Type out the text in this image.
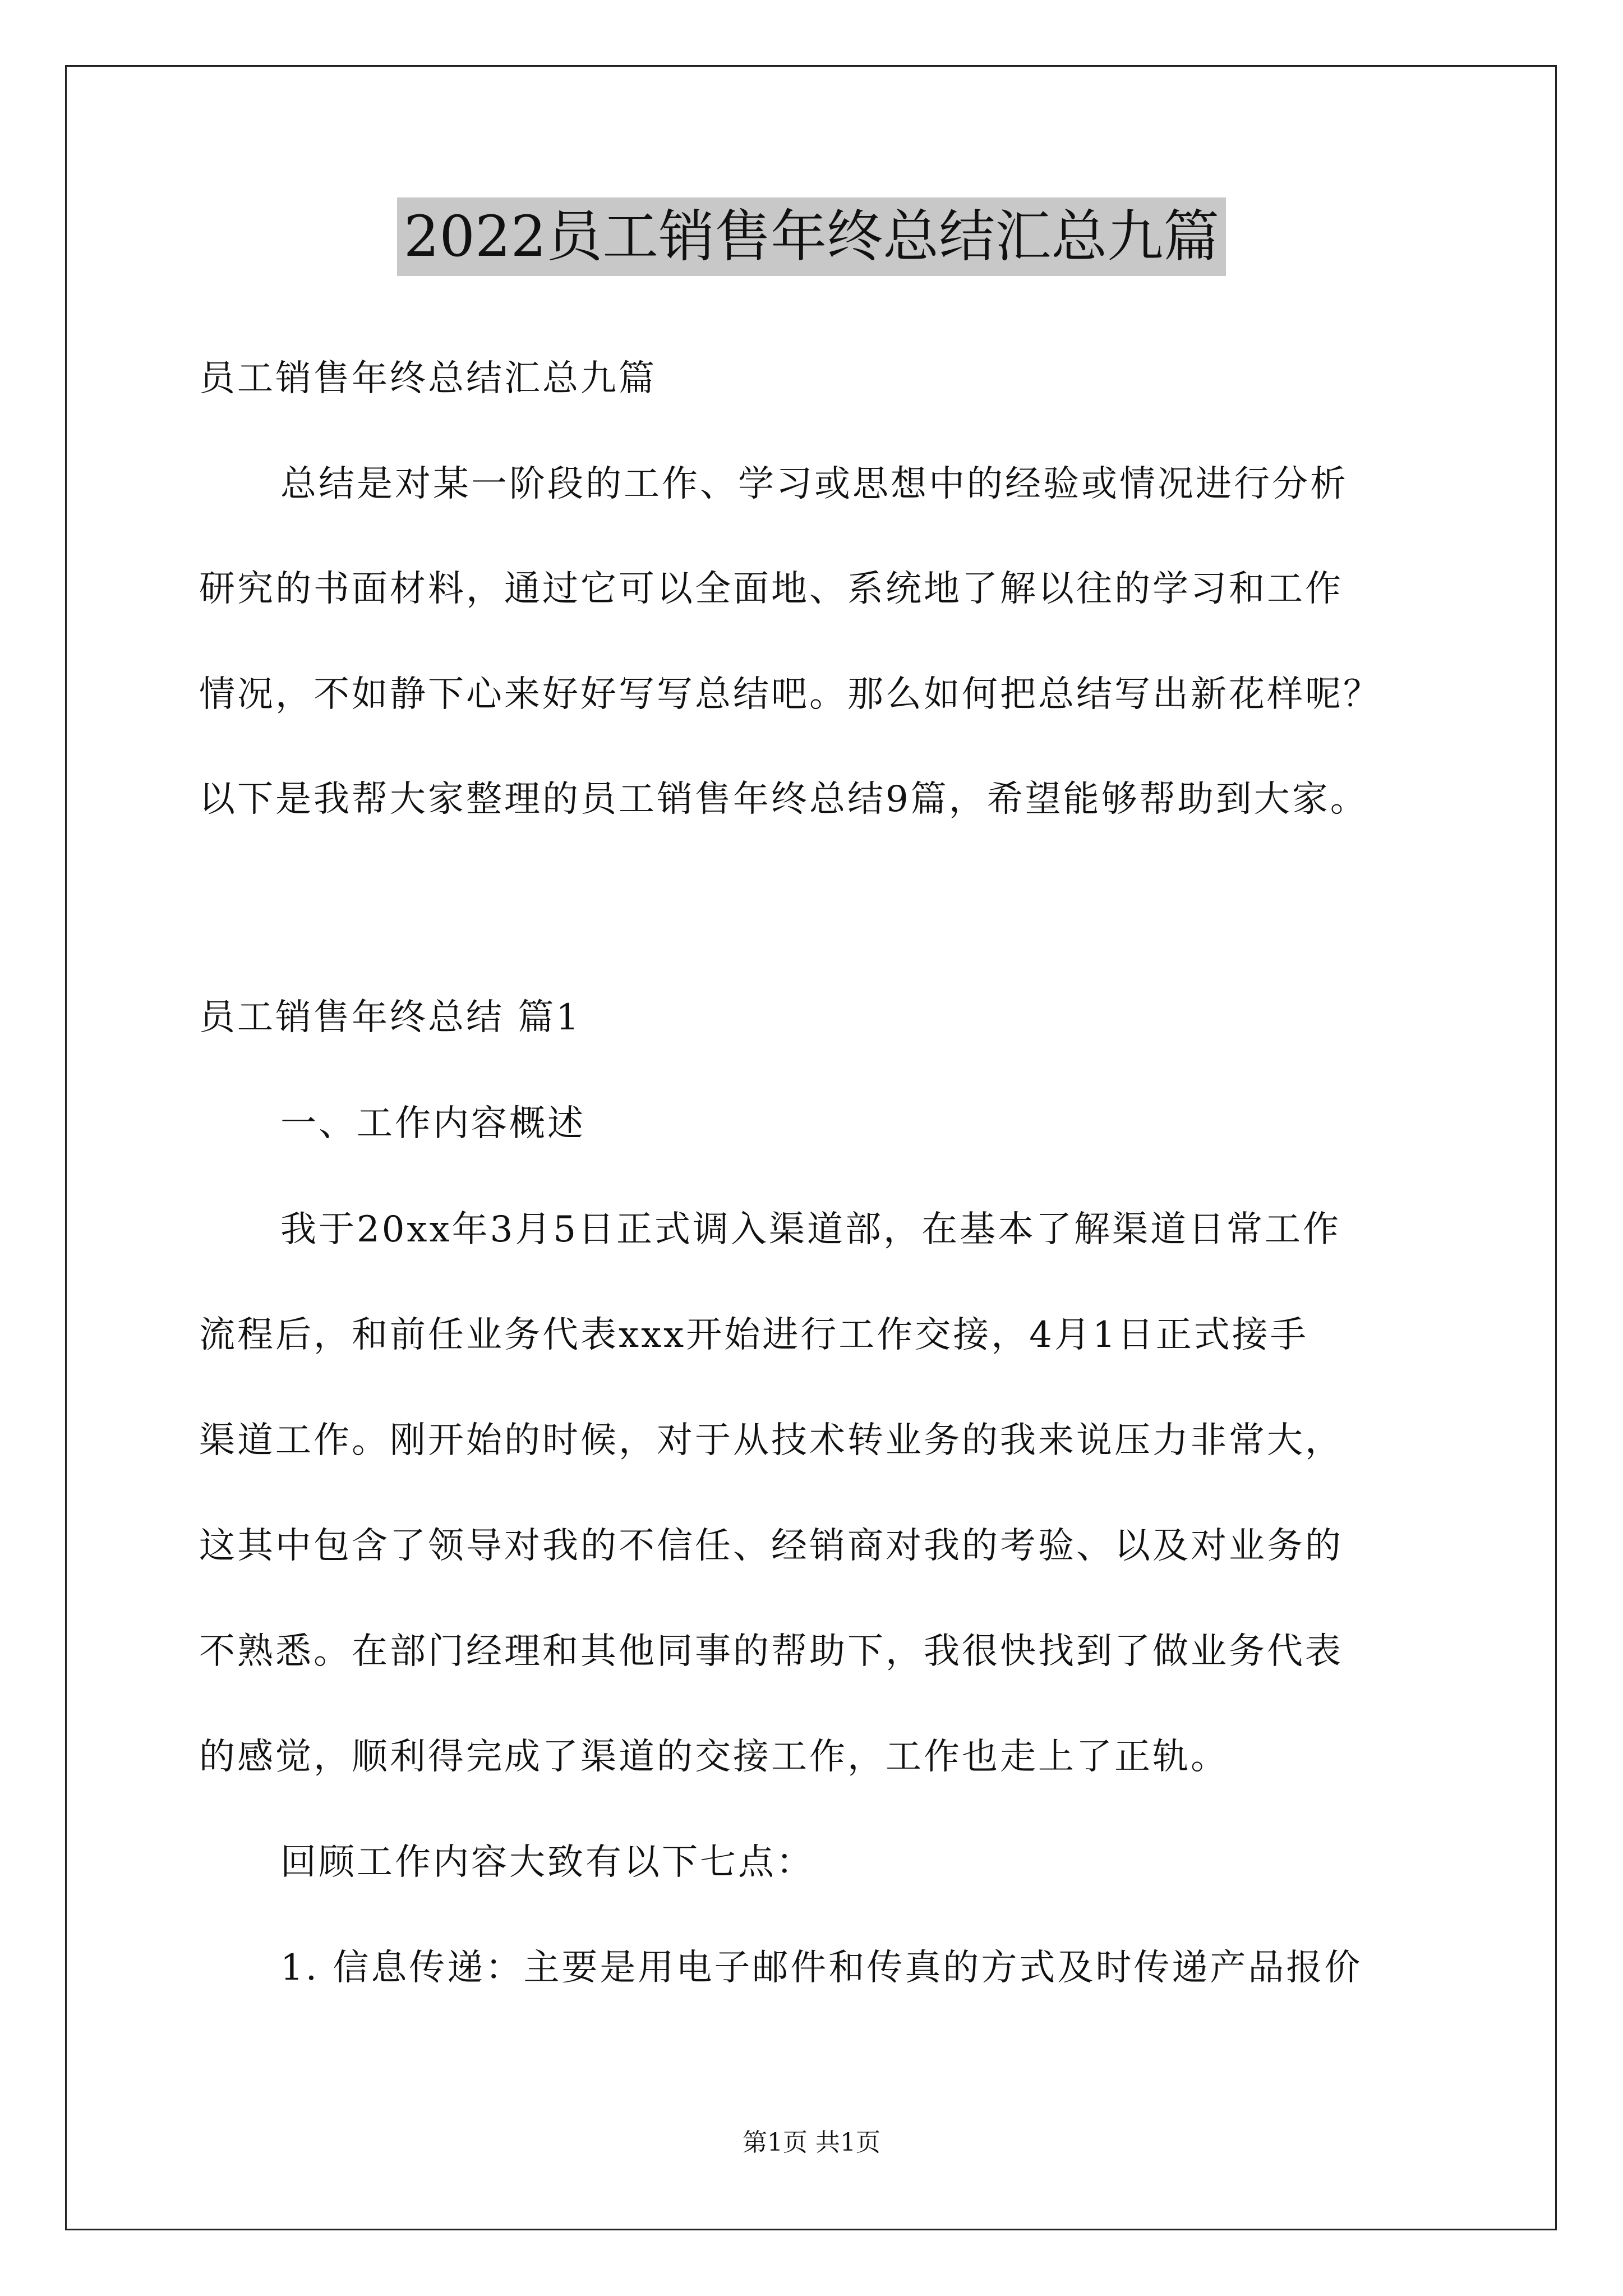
2022员工销售年终总结汇总九篇
员工销售年终总结汇总九篇
总结是对某一阶段的工作、学习或思想中的经验或情况进行分析
研究的书面材料，通过它可以全面地、系统地了解以往的学习和工作
情况，不如静下心来好好写写总结吧。那么如何把总结写出新花样呢？
以下是我帮大家整理的员工销售年终总结9篇，希望能够帮助到大家。
员工销售年终总结 篇1
一、工作内容概述
我于20xx年3月5日正式调入渠道部，在基本了解渠道日常工作
流程后，和前任业务代表xxx开始进行工作交接，4月1日正式接手
渠道工作。刚开始的时候，对于从技术转业务的我来说压力非常大，
这其中包含了领导对我的不信任、经销商对我的考验、以及对业务的
不熟悉。在部门经理和其他同事的帮助下，我很快找到了做业务代表
的感觉，顺利得完成了渠道的交接工作，工作也走上了正轨。
回顾工作内容大致有以下七点：
1. 信息传递：主要是用电子邮件和传真的方式及时传递产品报价
第1页 共1页
